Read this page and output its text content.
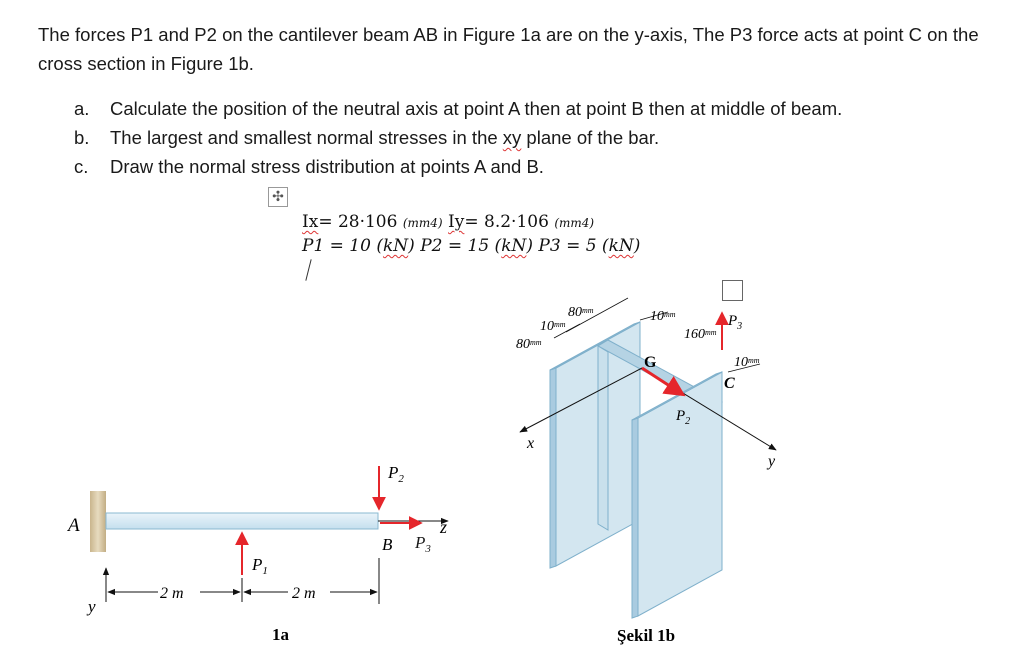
The forces P1 and P2 on the cantilever beam AB in Figure 1a are on the y-axis, The P3 force acts at point C on the cross section in Figure 1b.
a. Calculate the position of the neutral axis at point A then at point B then at middle of beam.
b. The largest and smallest normal stresses in the xy plane of the bar.
c. Draw the normal stress distribution at points A and B.
✣
Ix= 28·106 (mm4) Iy= 8.2·106 (mm4)
P1 = 10 (kN) P2 = 15 (kN) P3 = 5 (kN)
A	z
$P_3$
B
$P_2$
$P_1$
y
2 m	2 m
1a
x
y
G
$P_2$
$P_3$
C
$80^{mm}$
$10^{mm}$
$80^{mm}$
$10^{mm}$
$160^{mm}$
$10^{mm}$
Şekil 1b
